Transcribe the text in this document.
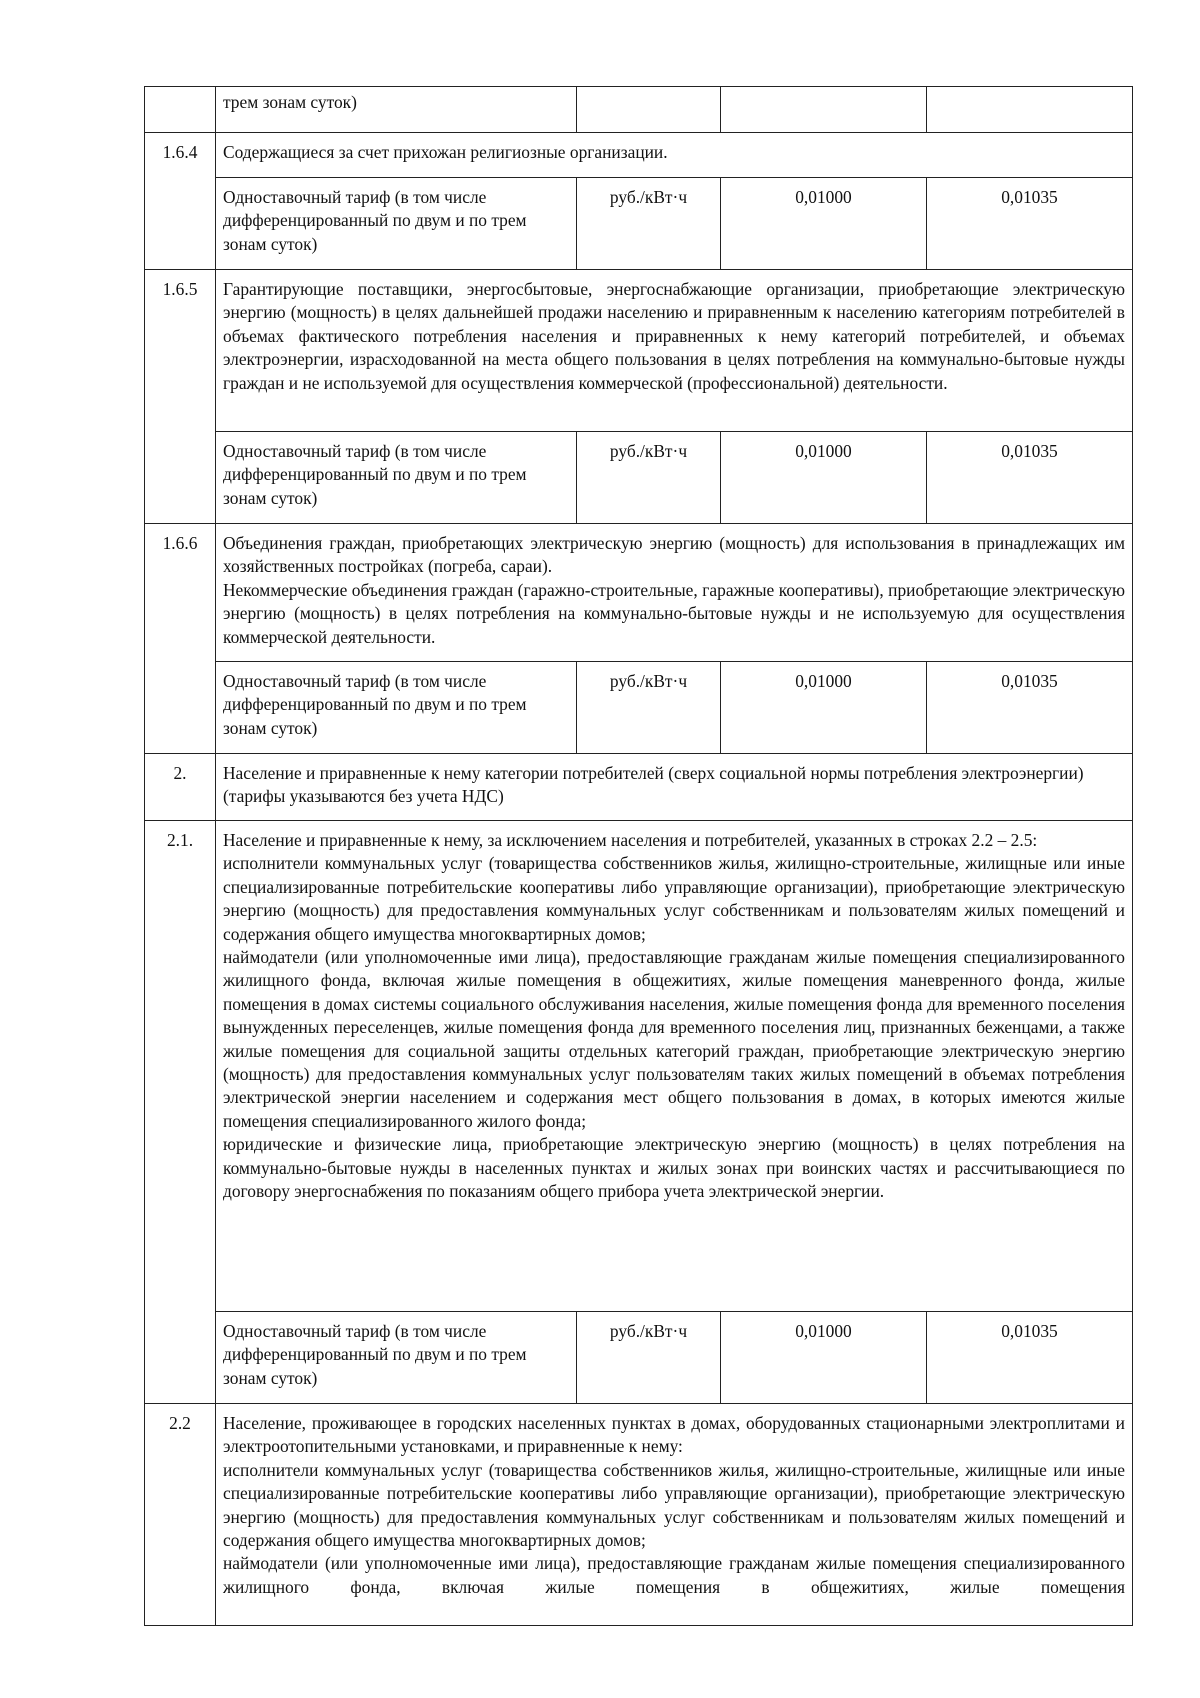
	трем зонам суток)			
1.6.4	Содержащиеся за счет прихожан религиозные организации.			
	Одноставочный тариф (в том числе дифференцированный по двум и по трем зонам суток)	руб./кВт·ч	0,01000	0,01035
1.6.5	Гарантирующие поставщики, энергосбытовые, энергоснабжающие организации, приобретающие электрическую энергию (мощность) в целях дальнейшей продажи населению и приравненным к населению категориям потребителей в объемах фактического потребления населения и приравненных к нему категорий потребителей, и объемах электроэнергии, израсходованной на места общего пользования в целях потребления на коммунально-бытовые нужды граждан и не используемой для осуществления коммерческой (профессиональной) деятельности.			

	Одноставочный тариф (в том числе дифференцированный по двум и по трем зонам суток)	руб./кВт·ч	0,01000	0,01035
1.6.6	Объединения граждан, приобретающих электрическую энергию (мощность) для использования в принадлежащих им хозяйственных постройках (погреба, сараи).
Некоммерческие объединения граждан (гаражно-строительные, гаражные кооперативы), приобретающие электрическую энергию (мощность) в целях потребления на коммунально-бытовые нужды и не используемую для осуществления коммерческой деятельности.			

	Одноставочный тариф (в том числе дифференцированный по двум и по трем зонам суток)	руб./кВт·ч	0,01000	0,01035
2.	Население и приравненные к нему категории потребителей (сверх социальной нормы потребления электроэнергии) (тарифы указываются без учета НДС)			
2.1.	Население и приравненные к нему, за исключением населения и потребителей, указанных в строках 2.2 – 2.5:
исполнители коммунальных услуг (товарищества собственников жилья, жилищно-строительные, жилищные или иные специализированные потребительские кооперативы либо управляющие организации), приобретающие электрическую энергию (мощность) для предоставления коммунальных услуг собственникам и пользователям жилых помещений и содержания общего имущества многоквартирных домов;
наймодатели (или уполномоченные ими лица), предоставляющие гражданам жилые помещения специализированного жилищного фонда, включая жилые помещения в общежитиях, жилые помещения маневренного фонда, жилые помещения в домах системы социального обслуживания населения, жилые помещения фонда для временного поселения вынужденных переселенцев, жилые помещения фонда для временного поселения лиц, признанных беженцами, а также жилые помещения для социальной защиты отдельных категорий граждан, приобретающие электрическую энергию (мощность) для предоставления коммунальных услуг пользователям таких жилых помещений в объемах потребления электрической энергии населением и содержания мест общего пользования в домах, в которых имеются жилые помещения специализированного жилого фонда;
юридические и физические лица, приобретающие электрическую энергию (мощность) в целях потребления на коммунально-бытовые нужды в населенных пунктах и жилых зонах при воинских частях и рассчитывающиеся по договору энергоснабжения по показаниям общего прибора учета электрической энергии.			

	Одноставочный тариф (в том числе дифференцированный по двум и по трем зонам суток)	руб./кВт·ч	0,01000	0,01035
2.2	Население, проживающее в городских населенных пунктах в домах, оборудованных стационарными электроплитами и электроотопительными установками, и приравненные к нему:
исполнители коммунальных услуг (товарищества собственников жилья, жилищно-строительные, жилищные или иные специализированные потребительские кооперативы либо управляющие организации), приобретающие электрическую энергию (мощность) для предоставления коммунальных услуг собственникам и пользователям жилых помещений и содержания общего имущества многоквартирных домов;
наймодатели (или уполномоченные ими лица), предоставляющие гражданам жилые помещения специализированного жилищного фонда, включая жилые помещения в общежитиях, жилые помещения			
